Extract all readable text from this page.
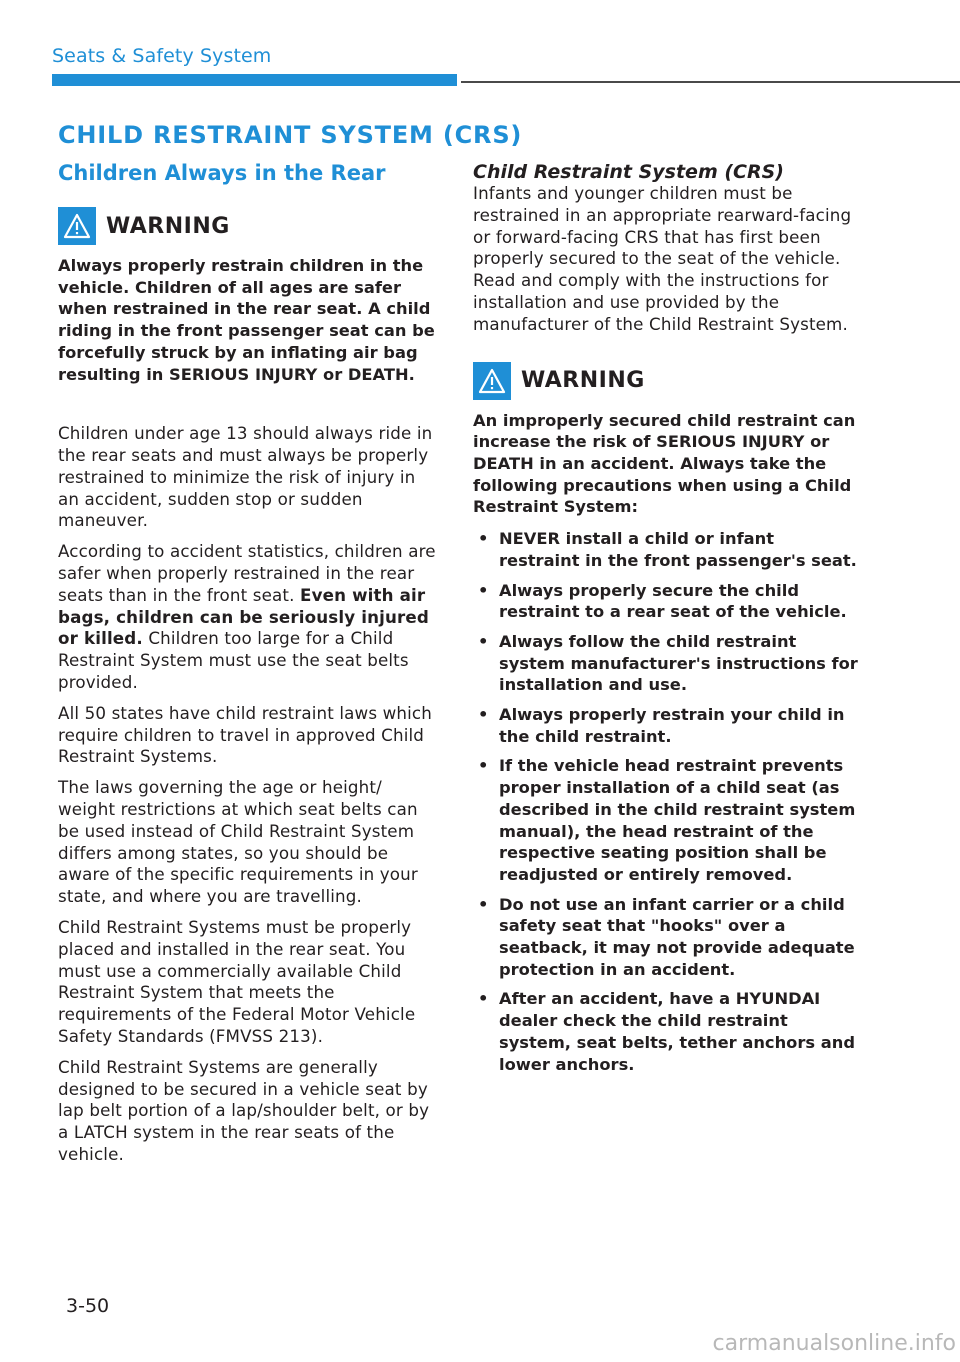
Seats & Safety System
CHILD RESTRAINT SYSTEM (CRS)
Children Always in the Rear
WARNING

Always properly restrain children in the vehicle. Children of all ages are safer when restrained in the rear seat. A child riding in the front passenger seat can be forcefully struck by an inflating air bag resulting in SERIOUS INJURY or DEATH.

Children under age 13 should always ride in the rear seats and must always be properly restrained to minimize the risk of injury in an accident, sudden stop or sudden maneuver.

According to accident statistics, children are safer when properly restrained in the rear seats than in the front seat. Even with air bags, children can be seriously injured or killed. Children too large for a Child Restraint System must use the seat belts provided.

All 50 states have child restraint laws which require children to travel in approved Child Restraint Systems.

The laws governing the age or height/ weight restrictions at which seat belts can be used instead of Child Restraint System differs among states, so you should be aware of the specific requirements in your state, and where you are travelling.

Child Restraint Systems must be properly placed and installed in the rear seat. You must use a commercially available Child Restraint System that meets the requirements of the Federal Motor Vehicle Safety Standards (FMVSS 213).

Child Restraint Systems are generally designed to be secured in a vehicle seat by lap belt portion of a lap/shoulder belt, or by a LATCH system in the rear seats of the vehicle.

Child Restraint System (CRS)

Infants and younger children must be restrained in an appropriate rearward-facing or forward-facing CRS that has first been properly secured to the seat of the vehicle. Read and comply with the instructions for installation and use provided by the manufacturer of the Child Restraint System.

WARNING

An improperly secured child restraint can increase the risk of SERIOUS INJURY or DEATH in an accident. Always take the following precautions when using a Child Restraint System:

• NEVER install a child or infant restraint in the front passenger's seat.
• Always properly secure the child restraint to a rear seat of the vehicle.
• Always follow the child restraint system manufacturer's instructions for installation and use.
• Always properly restrain your child in the child restraint.
• If the vehicle head restraint prevents proper installation of a child seat (as described in the child restraint system manual), the head restraint of the respective seating position shall be readjusted or entirely removed.
• Do not use an infant carrier or a child safety seat that "hooks" over a seatback, it may not provide adequate protection in an accident.
• After an accident, have a HYUNDAI dealer check the child restraint system, seat belts, tether anchors and lower anchors.
3-50
carmanualsonline.info
